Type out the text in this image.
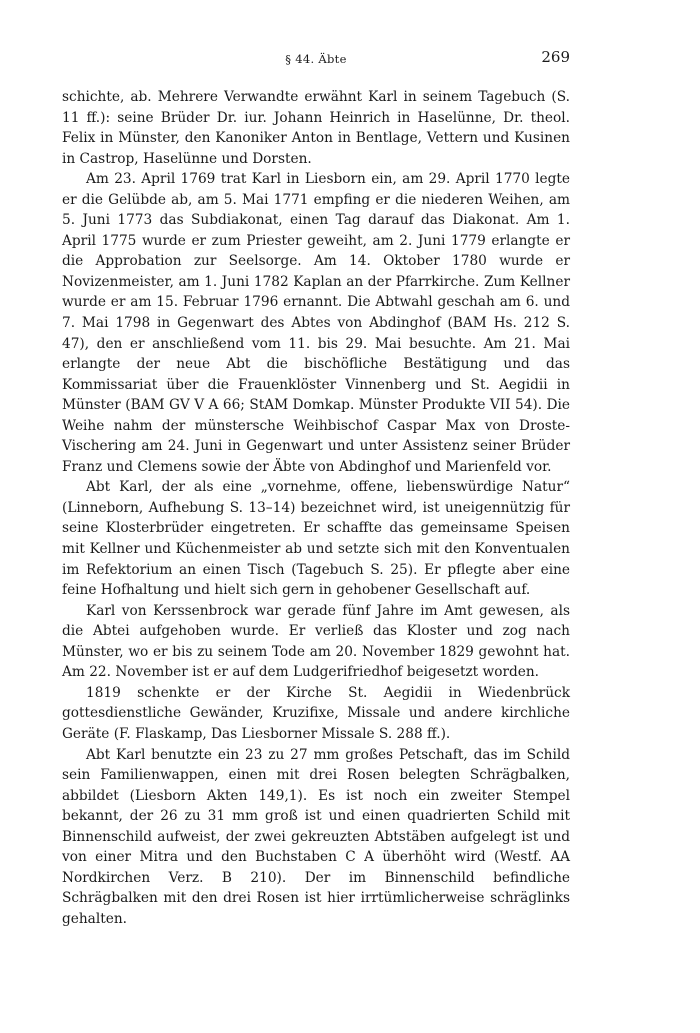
§ 44. Äbte	269

schichte, ab. Mehrere Verwandte erwähnt Karl in seinem Tagebuch (S. 11 ff.): seine Brüder Dr. iur. Johann Heinrich in Haselünne, Dr. theol. Felix in Münster, den Kanoniker Anton in Bentlage, Vettern und Kusinen in Castrop, Haselünne und Dorsten.

Am 23. April 1769 trat Karl in Liesborn ein, am 29. April 1770 legte er die Gelübde ab, am 5. Mai 1771 empfing er die niederen Weihen, am 5. Juni 1773 das Subdiakonat, einen Tag darauf das Diakonat. Am 1. April 1775 wurde er zum Priester geweiht, am 2. Juni 1779 erlangte er die Approbation zur Seelsorge. Am 14. Oktober 1780 wurde er Novizenmeister, am 1. Juni 1782 Kaplan an der Pfarrkirche. Zum Kellner wurde er am 15. Februar 1796 ernannt. Die Abtwahl geschah am 6. und 7. Mai 1798 in Gegenwart des Abtes von Abdinghof (BAM Hs. 212 S. 47), den er anschließend vom 11. bis 29. Mai besuchte. Am 21. Mai erlangte der neue Abt die bischöfliche Bestätigung und das Kommissariat über die Frauenklöster Vinnenberg und St. Aegidii in Münster (BAM GV V A 66; StAM Domkap. Münster Produkte VII 54). Die Weihe nahm der münstersche Weihbischof Caspar Max von Droste-Vischering am 24. Juni in Gegenwart und unter Assistenz seiner Brüder Franz und Clemens sowie der Äbte von Abdinghof und Marienfeld vor.

Abt Karl, der als eine „vornehme, offene, liebenswürdige Natur“ (Linneborn, Aufhebung S. 13–14) bezeichnet wird, ist uneigennützig für seine Klosterbrüder eingetreten. Er schaffte das gemeinsame Speisen mit Kellner und Küchenmeister ab und setzte sich mit den Konventualen im Refektorium an einen Tisch (Tagebuch S. 25). Er pflegte aber eine feine Hofhaltung und hielt sich gern in gehobener Gesellschaft auf.

Karl von Kerssenbrock war gerade fünf Jahre im Amt gewesen, als die Abtei aufgehoben wurde. Er verließ das Kloster und zog nach Münster, wo er bis zu seinem Tode am 20. November 1829 gewohnt hat. Am 22. November ist er auf dem Ludgerifriedhof beigesetzt worden.

1819 schenkte er der Kirche St. Aegidii in Wiedenbrück gottesdienstliche Gewänder, Kruzifixe, Missale und andere kirchliche Geräte (F. Flaskamp, Das Liesborner Missale S. 288 ff.).

Abt Karl benutzte ein 23 zu 27 mm großes Petschaft, das im Schild sein Familienwappen, einen mit drei Rosen belegten Schrägbalken, abbildet (Liesborn Akten 149,1). Es ist noch ein zweiter Stempel bekannt, der 26 zu 31 mm groß ist und einen quadrierten Schild mit Binnenschild aufweist, der zwei gekreuzten Abtstäben aufgelegt ist und von einer Mitra und den Buchstaben C A überhöht wird (Westf. AA Nordkirchen Verz. B 210). Der im Binnenschild befindliche Schrägbalken mit den drei Rosen ist hier irrtümlicherweise schräglinks gehalten.
